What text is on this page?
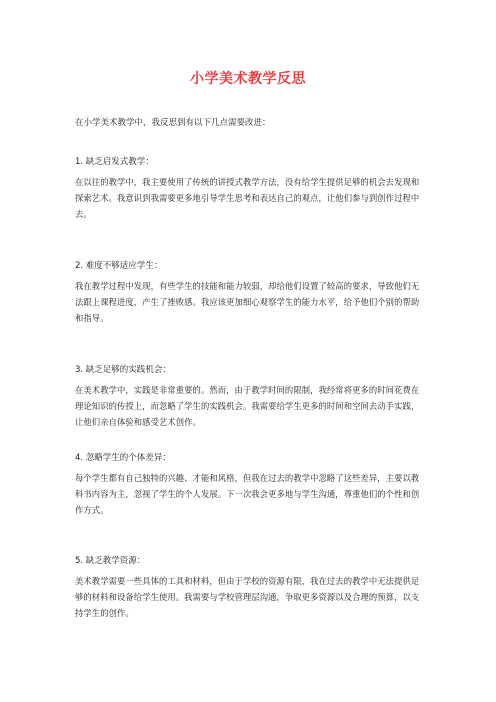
小学美术教学反思
在小学美术教学中，我反思到有以下几点需要改进：

1. 缺乏启发式教学：

在以往的教学中，我主要使用了传统的讲授式教学方法，没有给学生提供足够的机会去发现和探索艺术。我意识到我需要更多地引导学生思考和表达自己的观点，让他们参与到创作过程中去。

2. 难度不够适应学生：

我在教学过程中发现，有些学生的技能和能力较弱，却给他们设置了较高的要求，导致他们无法跟上课程进度，产生了挫败感。我应该更加细心观察学生的能力水平，给予他们个别的帮助和指导。

3. 缺乏足够的实践机会：

在美术教学中，实践是非常重要的。然而，由于教学时间的限制，我经常将更多的时间花费在理论知识的传授上，而忽略了学生的实践机会。我需要给学生更多的时间和空间去动手实践，让他们亲自体验和感受艺术创作。

4. 忽略学生的个体差异：

每个学生都有自己独特的兴趣、才能和风格，但我在过去的教学中忽略了这些差异，主要以教科书内容为主，忽视了学生的个人发展。下一次我会更多地与学生沟通，尊重他们的个性和创作方式。

5. 缺乏教学资源：

美术教学需要一些具体的工具和材料，但由于学校的资源有限，我在过去的教学中无法提供足够的材料和设备给学生使用。我需要与学校管理层沟通，争取更多资源以及合理的预算，以支持学生的创作。
